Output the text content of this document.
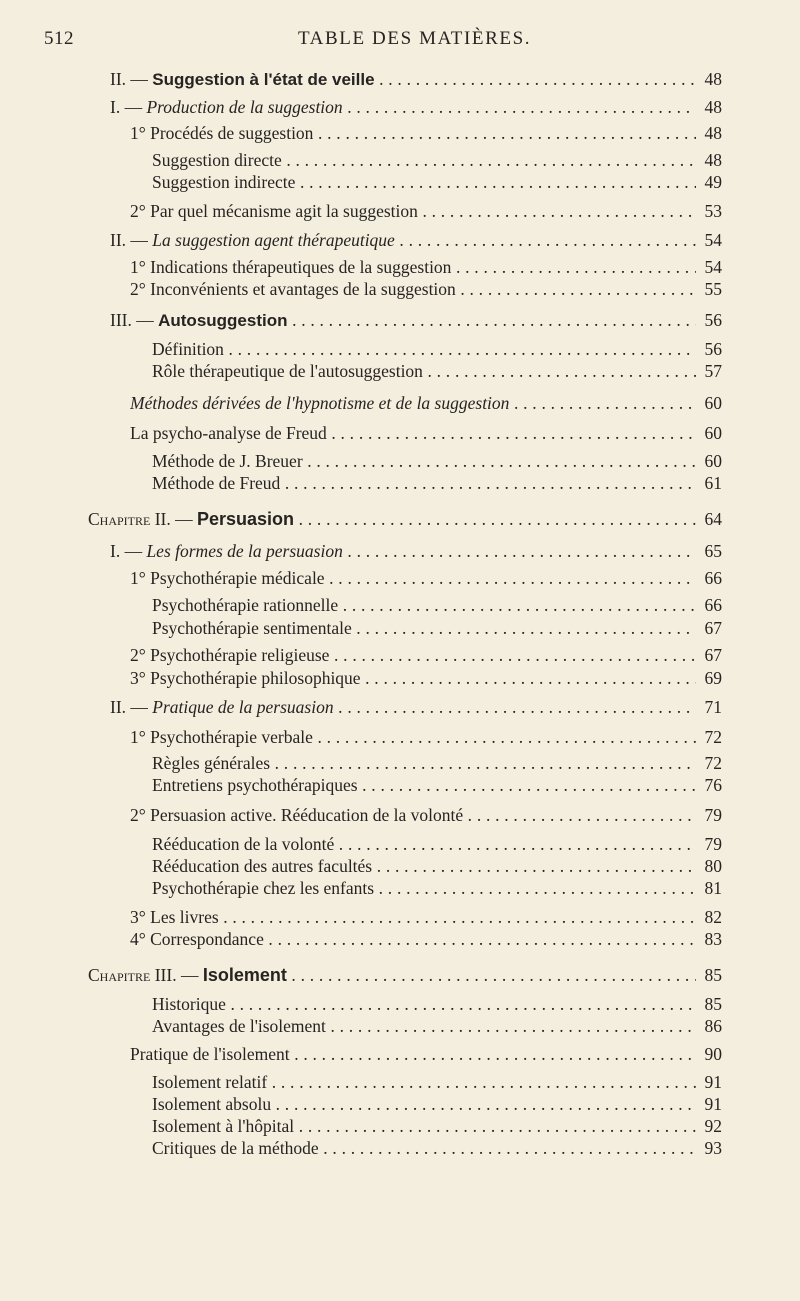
512	TABLE DES MATIÈRES.
II. — Suggestion à l'état de veille . . .	48
I. — Production de la suggestion . . .	48
1° Procédés de suggestion . . .	48
Suggestion directe . . .	48
Suggestion indirecte . . .	49
2° Par quel mécanisme agit la suggestion . . .	53
II. — La suggestion agent thérapeutique . . .	54
1° Indications thérapeutiques de la suggestion . . .	54
2° Inconvénients et avantages de la suggestion . . .	55
III. — Autosuggestion . . .	56
Définition . . .	56
Rôle thérapeutique de l'autosuggestion . . .	57
Méthodes dérivées de l'hypnotisme et de la suggestion . . .	60
La psycho-analyse de Freud . . .	60
Méthode de J. Breuer . . .	60
Méthode de Freud . . .	61
Chapitre II. — Persuasion . . .	64
I. — Les formes de la persuasion . . .	65
1° Psychothérapie médicale . . .	66
Psychothérapie rationnelle . . .	66
Psychothérapie sentimentale . . .	67
2° Psychothérapie religieuse . . .	67
3° Psychothérapie philosophique . . .	69
II. — Pratique de la persuasion . . .	71
1° Psychothérapie verbale . . .	72
Règles générales . . .	72
Entretiens psychothérapiques . . .	76
2° Persuasion active. Rééducation de la volonté . . .	79
Rééducation de la volonté . . .	79
Rééducation des autres facultés . . .	80
Psychothérapie chez les enfants . . .	81
3° Les livres . . .	82
4° Correspondance . . .	83
Chapitre III. — Isolement . . .	85
Historique . . .	85
Avantages de l'isolement . . .	86
Pratique de l'isolement . . .	90
Isolement relatif . . .	91
Isolement absolu . . .	91
Isolement à l'hôpital . . .	92
Critiques de la méthode . . .	93
